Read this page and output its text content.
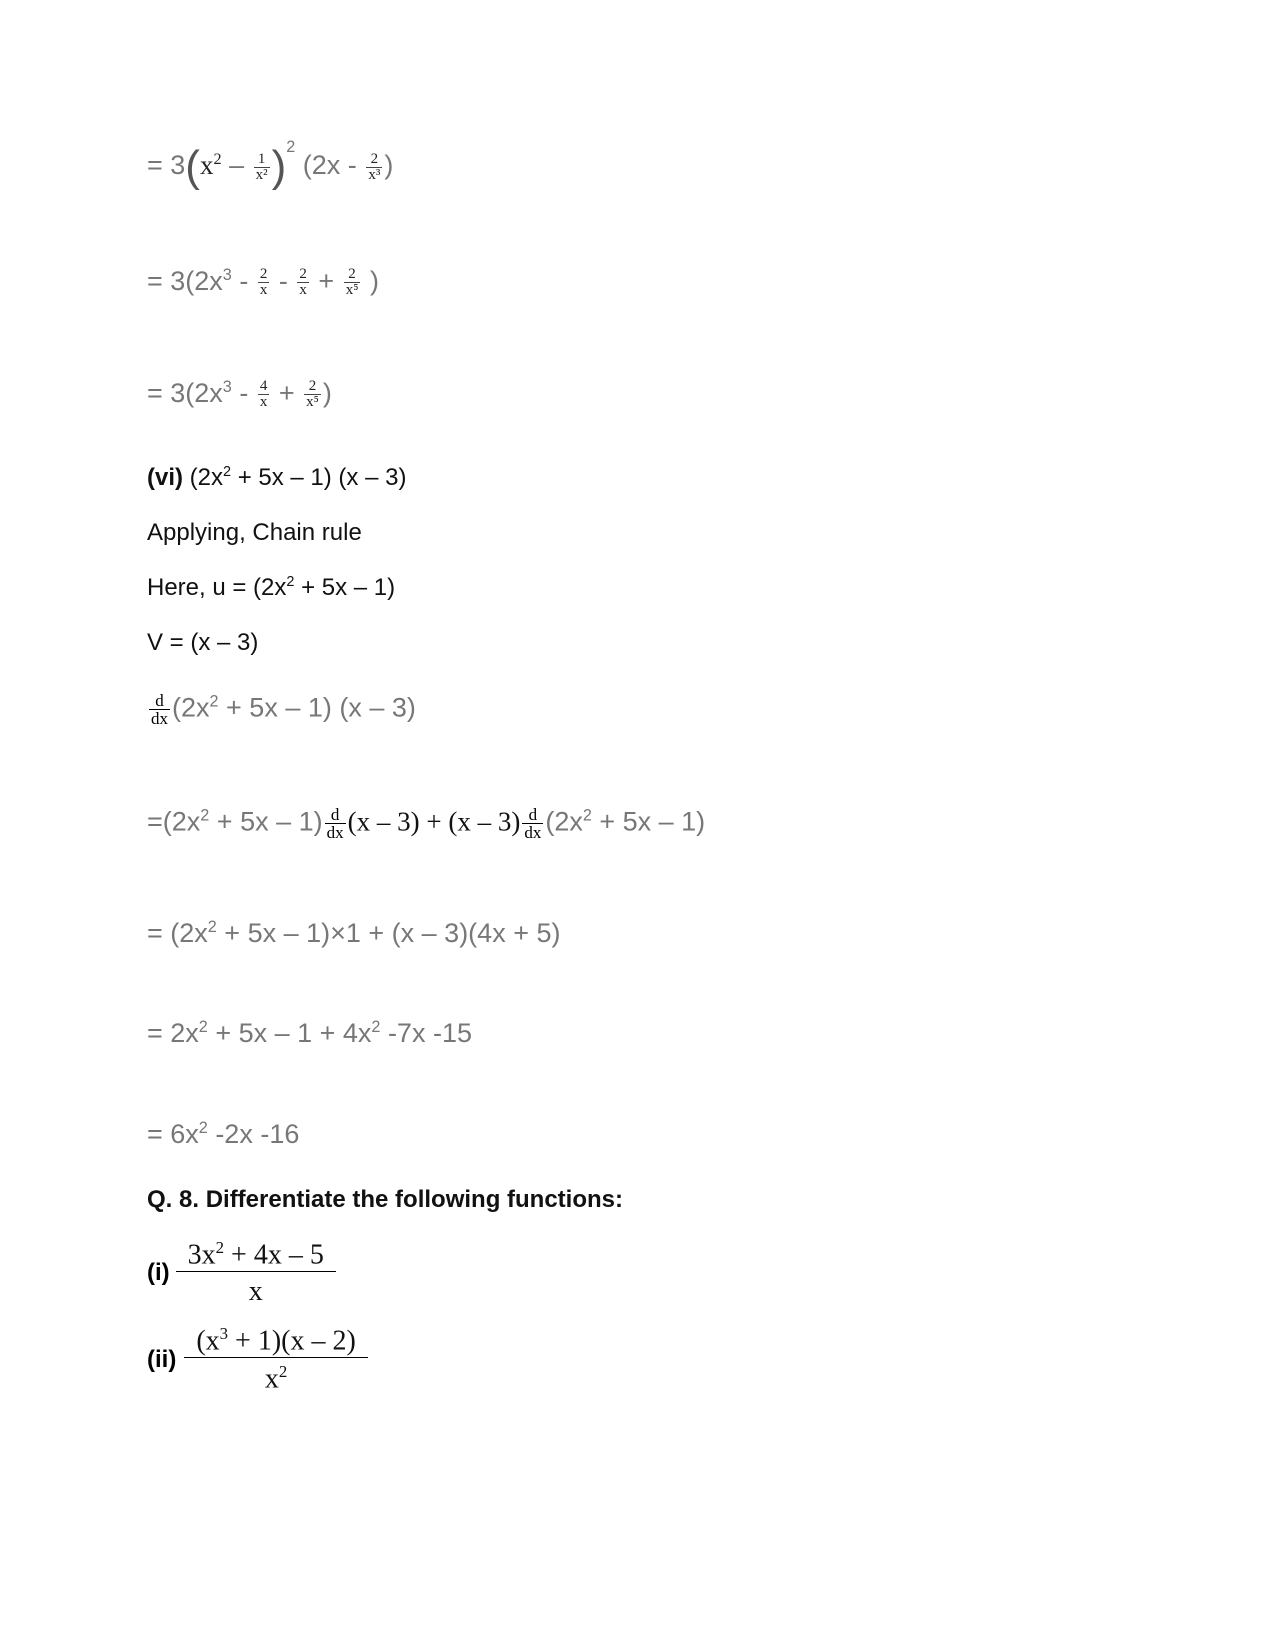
= $3(x^2 - \frac{1}{\text{x²}} )^2$ ($2x - \frac{2}{\text{x³}}$ )
= $3(2x^3 - \frac{2}{x} - \frac{2}{x} + \frac{2}{\text{x⁵}}$ )
= $3(2x^3 - \frac{4}{x} + \frac{2}{\text{x⁵}}$ )
(vi) $(2x^2 + 5x - 1)$ (x – 3)
Applying, Chain rule
Here, $u = (2x^2 + 5x - 1)$
V = (x – 3)
$\frac{d}{dx} (2x^2 + 5x - 1)$ (x – 3)
$=(2x^2 + 5x - 1) \frac{d}{dx} (x - 3) + (x - 3) \frac{d}{dx} (2x^2 + 5x - 1)$
= $(2x^2 + 5x - 1)\times 1 + (x - 3)(4x + 5)$
= $2x^2 + 5x - 1 + 4x^2$ -7x -15
= $6x^2$ -2x -16
Q. 8. Differentiate the following functions:
$(i) \frac{3x^2 + 4x - 5}{x}$
$(ii) \frac{(x^3 + 1)(x - 2)}{x^2}$
